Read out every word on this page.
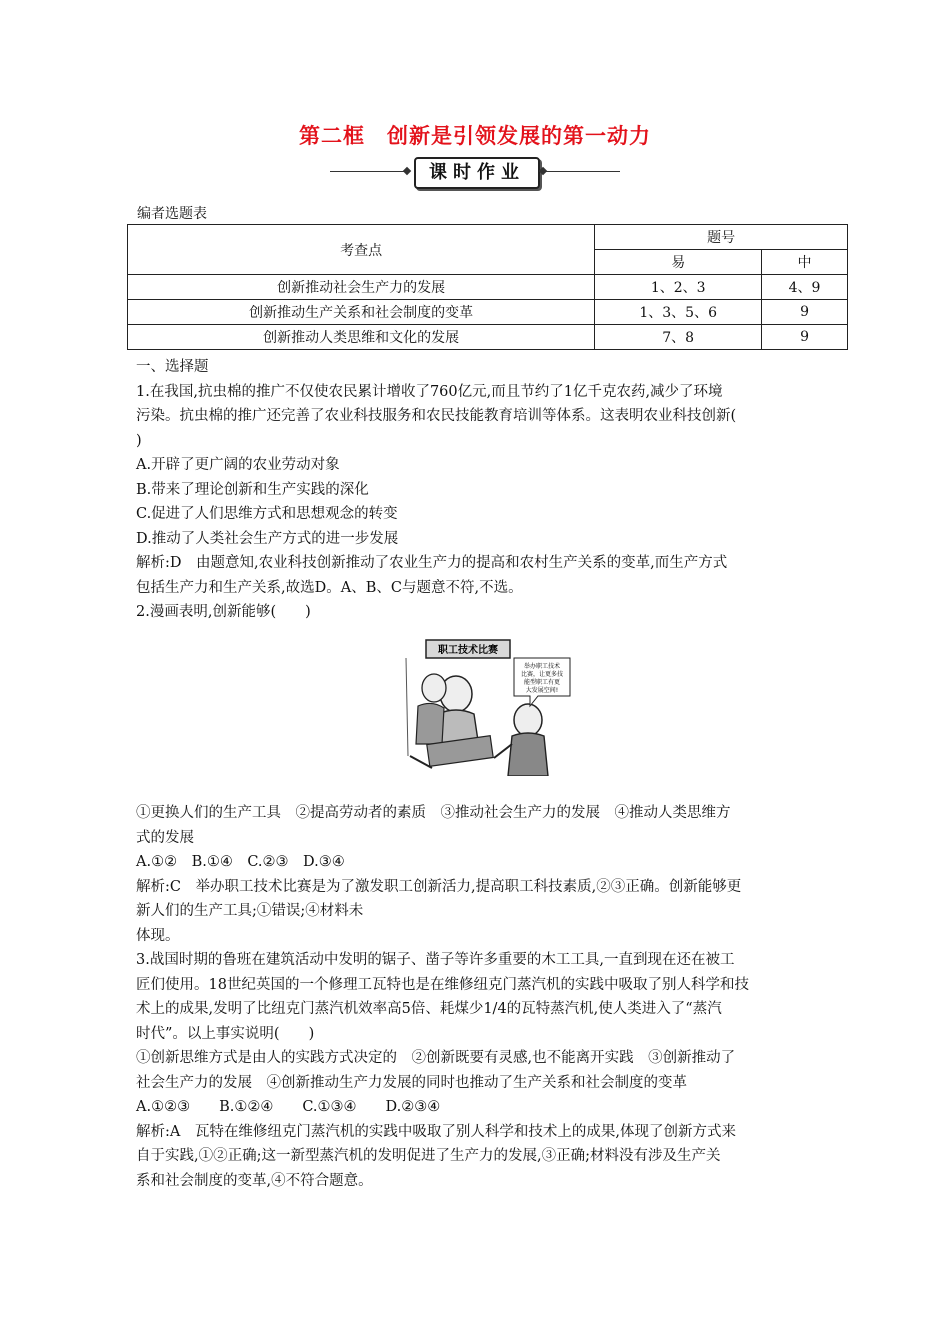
第二框　创新是引领发展的第一动力
课时作业
编者选题表
考查点	题号	
	易	中
创新推动社会生产力的发展	1、2、3	4、9
创新推动生产关系和社会制度的变革	1、3、5、6	9
创新推动人类思维和文化的发展	7、8	9

一、选择题

1.在我国,抗虫棉的推广不仅使农民累计增收了760亿元,而且节约了1亿千克农药,减少了环境

污染。抗虫棉的推广还完善了农业科技服务和农民技能教育培训等体系。这表明农业科技创新(

)

A.开辟了更广阔的农业劳动对象

B.带来了理论创新和生产实践的深化

C.促进了人们思维方式和思想观念的转变

D.推动了人类社会生产方式的进一步发展

解析:D　由题意知,农业科技创新推动了农业生产力的提高和农村生产关系的变革,而生产方式

包括生产力和生产关系,故选D。A、B、C与题意不符,不选。

2.漫画表明,创新能够(　　)

职工技术比赛
举办职工技术
比赛，让更多技
能型职工有更
大发展空间!

①更换人们的生产工具　②提高劳动者的素质　③推动社会生产力的发展　④推动人类思维方

式的发展

A.①②　B.①④　C.②③　D.③④

解析:C　举办职工技术比赛是为了激发职工创新活力,提高职工科技素质,②③正确。创新能够更

新人们的生产工具;①错误;④材料未

体现。

3.战国时期的鲁班在建筑活动中发明的锯子、凿子等许多重要的木工工具,一直到现在还在被工

匠们使用。18世纪英国的一个修理工瓦特也是在维修纽克门蒸汽机的实践中吸取了别人科学和技

术上的成果,发明了比纽克门蒸汽机效率高5倍、耗煤少1/4的瓦特蒸汽机,使人类进入了“蒸汽

时代”。以上事实说明(　　)

①创新思维方式是由人的实践方式决定的　②创新既要有灵感,也不能离开实践　③创新推动了

社会生产力的发展　④创新推动生产力发展的同时也推动了生产关系和社会制度的变革

A.①②③　　B.①②④　　C.①③④　　D.②③④

解析:A　瓦特在维修纽克门蒸汽机的实践中吸取了别人科学和技术上的成果,体现了创新方式来

自于实践,①②正确;这一新型蒸汽机的发明促进了生产力的发展,③正确;材料没有涉及生产关

系和社会制度的变革,④不符合题意。
